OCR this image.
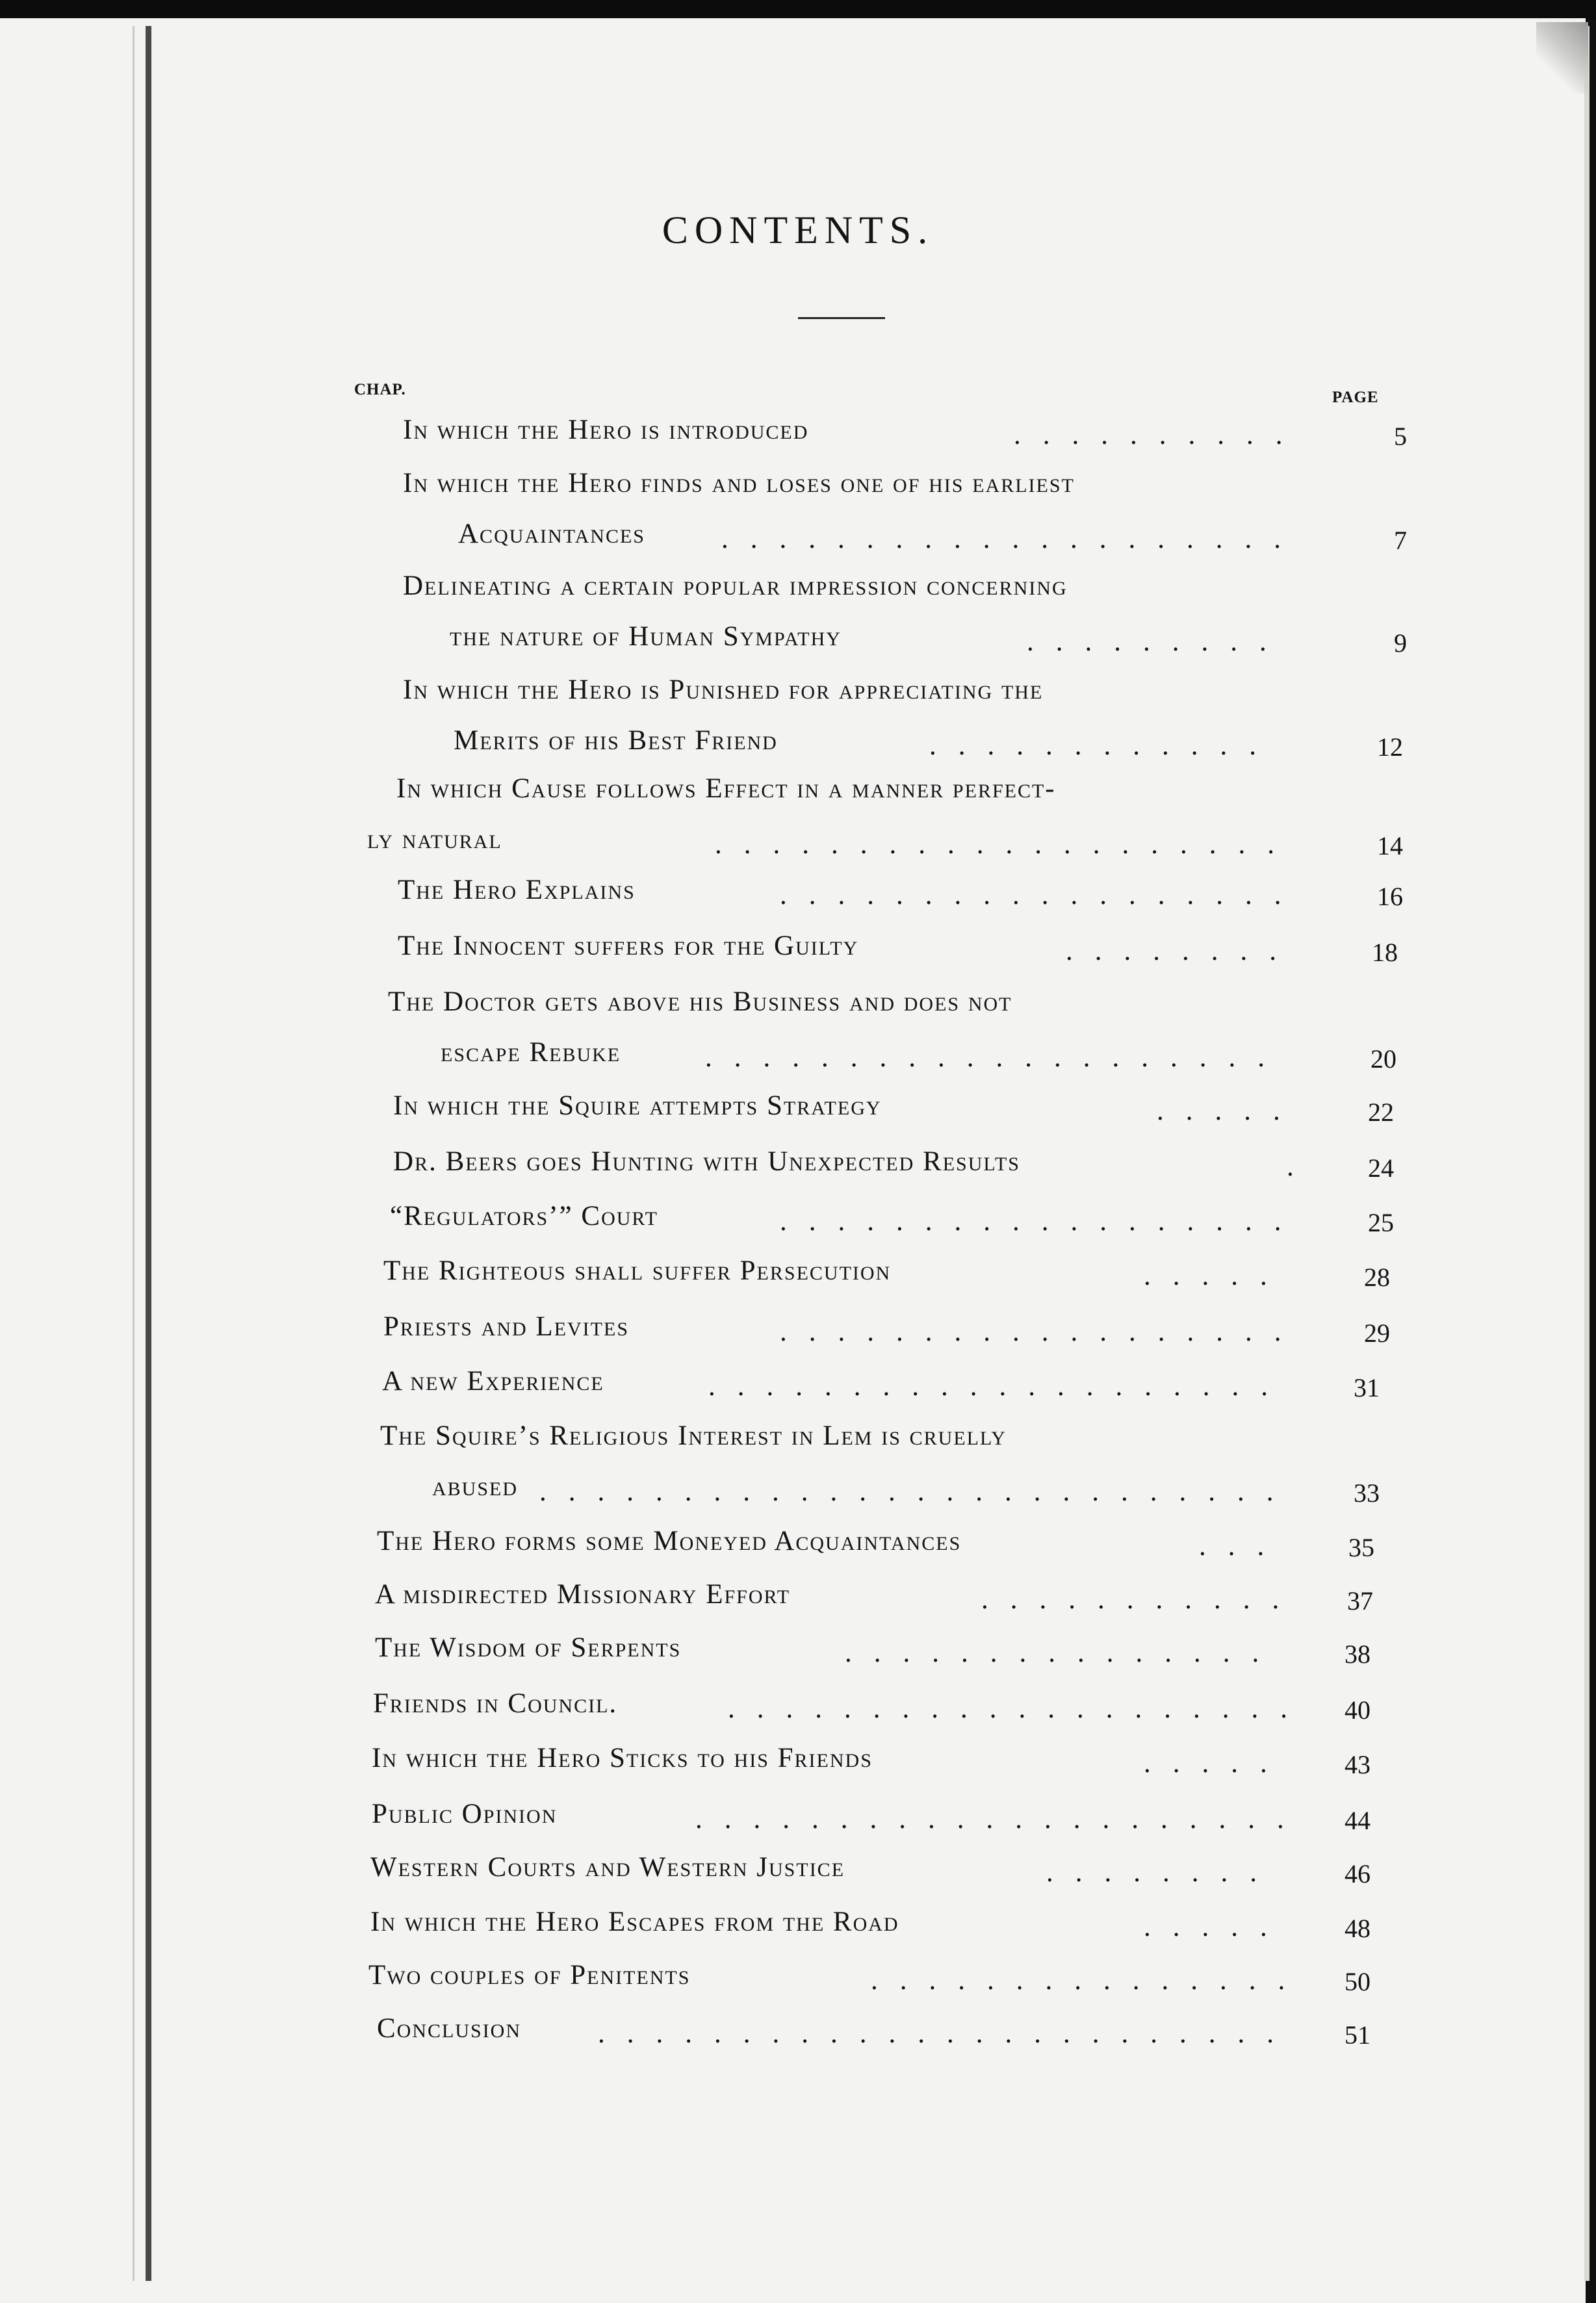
CONTENTS.
CHAP.	PAGE
In which the Hero is introduced	..........	5
In which the Hero finds and loses one of his earliest
Acquaintances	....................	7
Delineating a certain popular impression concerning
the nature of Human Sympathy	.........	9
In which the Hero is Punished for appreciating the
Merits of his Best Friend	............	12
In which Cause follows Effect in a manner perfect-
ly natural	....................	14
The Hero Explains	..................	16
The Innocent suffers for the Guilty	........	18
The Doctor gets above his Business and does not
escape Rebuke	....................	20
In which the Squire attempts Strategy	.....	22
Dr. Beers goes Hunting with Unexpected Results	.	24
“Regulators’” Court	..................	25
The Righteous shall suffer Persecution	.....	28
Priests and Levites	..................	29
A new Experience	....................	31
The Squire’s Religious Interest in Lem is cruelly
abused ..........................	33
The Hero forms some Moneyed Acquaintances	...	35
A misdirected Missionary Effort	...........	37
The Wisdom of Serpents	...............	38
Friends in Council.	....................	40
In which the Hero Sticks to his Friends	.....	43
Public Opinion	.....................	44
Western Courts and Western Justice	........	46
In which the Hero Escapes from the Road	.....	48
Two couples of Penitents	...............	50
Conclusion	........................	51
